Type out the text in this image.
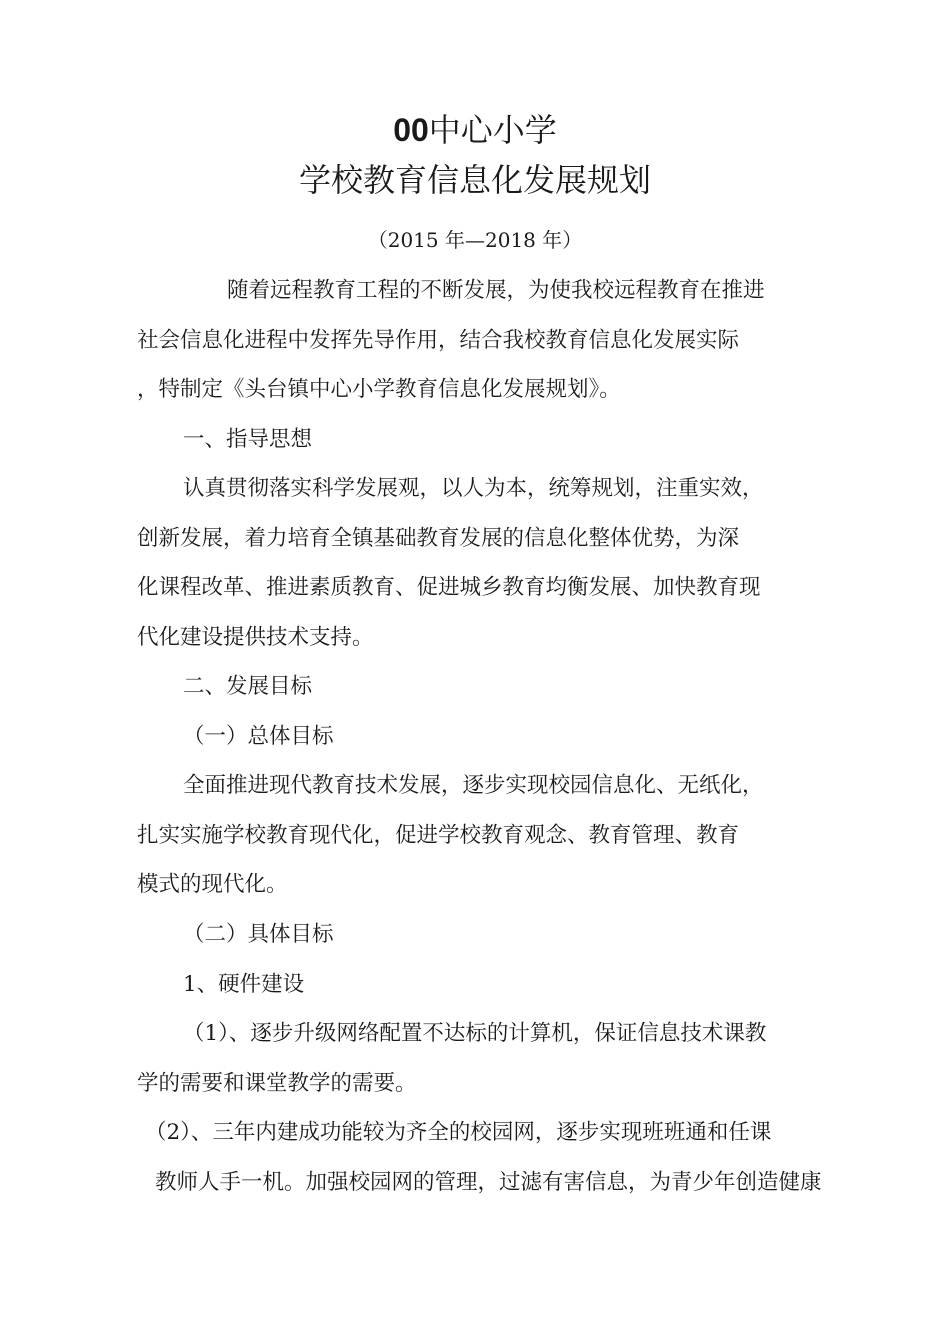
00中心小学
学校教育信息化发展规划
（2015 年—2018 年）

随着远程教育工程的不断发展，为使我校远程教育在推进

社会信息化进程中发挥先导作用，结合我校教育信息化发展实际

，特制定《头台镇中心小学教育信息化发展规划》。

一、指导思想

认真贯彻落实科学发展观，以人为本，统筹规划，注重实效，

创新发展，着力培育全镇基础教育发展的信息化整体优势，为深

化课程改革、推进素质教育、促进城乡教育均衡发展、加快教育现

代化建设提供技术支持。

二、发展目标

（一）总体目标

全面推进现代教育技术发展，逐步实现校园信息化、无纸化，

扎实实施学校教育现代化，促进学校教育观念、教育管理、教育

模式的现代化。

（二）具体目标

1、硬件建设

（1）、逐步升级网络配置不达标的计算机，保证信息技术课教

学的需要和课堂教学的需要。

（2）、三年内建成功能较为齐全的校园网，逐步实现班班通和任课

教师人手一机。加强校园网的管理，过滤有害信息，为青少年创造健康
